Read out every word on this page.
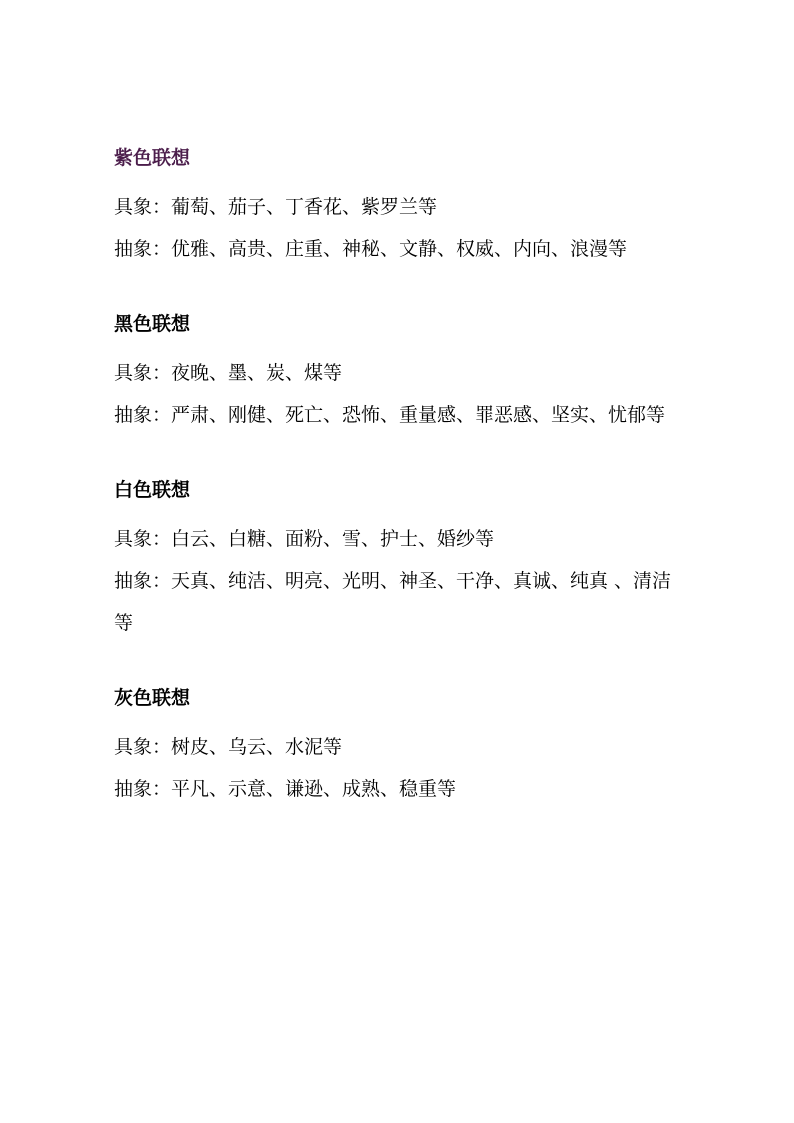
紫色联想
具象：葡萄、茄子、丁香花、紫罗兰等
抽象：优雅、高贵、庄重、神秘、文静、权威、内向、浪漫等
黑色联想
具象：夜晚、墨、炭、煤等
抽象：严肃、刚健、死亡、恐怖、重量感、罪恶感、坚实、忧郁等
白色联想
具象：白云、白糖、面粉、雪、护士、婚纱等
抽象：天真、纯洁、明亮、光明、神圣、干净、真诚、纯真 、清洁等
灰色联想
具象：树皮、乌云、水泥等
抽象：平凡、示意、谦逊、成熟、稳重等
